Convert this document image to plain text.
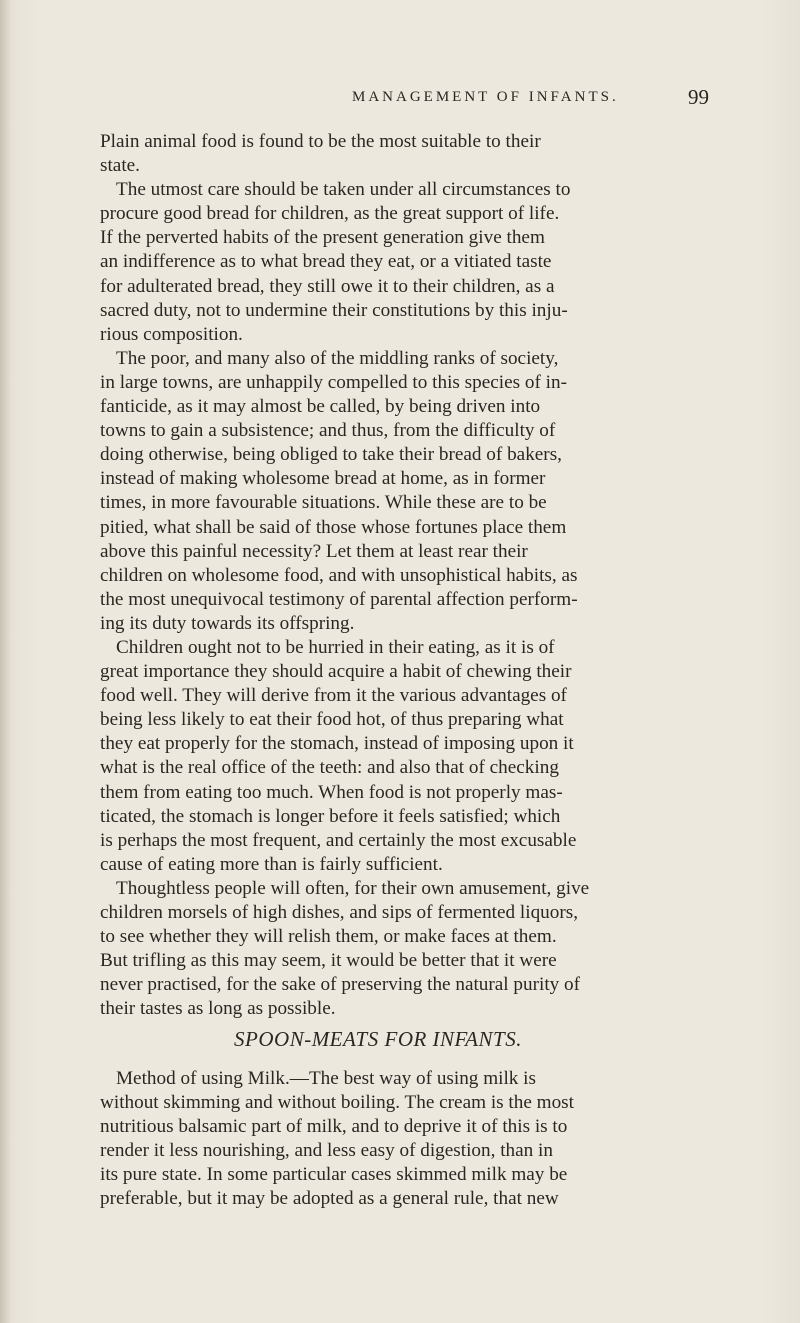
MANAGEMENT OF INFANTS.	99
Plain animal food is found to be the most suitable to their
state.
The utmost care should be taken under all circumstances to
procure good bread for children, as the great support of life.
If the perverted habits of the present generation give them
an indifference as to what bread they eat, or a vitiated taste
for adulterated bread, they still owe it to their children, as a
sacred duty, not to undermine their constitutions by this inju-
rious composition.
The poor, and many also of the middling ranks of society,
in large towns, are unhappily compelled to this species of in-
fanticide, as it may almost be called, by being driven into
towns to gain a subsistence; and thus, from the difficulty of
doing otherwise, being obliged to take their bread of bakers,
instead of making wholesome bread at home, as in former
times, in more favourable situations. While these are to be
pitied, what shall be said of those whose fortunes place them
above this painful necessity? Let them at least rear their
children on wholesome food, and with unsophistical habits, as
the most unequivocal testimony of parental affection perform-
ing its duty towards its offspring.
Children ought not to be hurried in their eating, as it is of
great importance they should acquire a habit of chewing their
food well. They will derive from it the various advantages of
being less likely to eat their food hot, of thus preparing what
they eat properly for the stomach, instead of imposing upon it
what is the real office of the teeth: and also that of checking
them from eating too much. When food is not properly mas-
ticated, the stomach is longer before it feels satisfied; which
is perhaps the most frequent, and certainly the most excusable
cause of eating more than is fairly sufficient.
Thoughtless people will often, for their own amusement, give
children morsels of high dishes, and sips of fermented liquors,
to see whether they will relish them, or make faces at them.
But trifling as this may seem, it would be better that it were
never practised, for the sake of preserving the natural purity of
their tastes as long as possible.
SPOON-MEATS FOR INFANTS.
Method of using Milk.—The best way of using milk is
without skimming and without boiling. The cream is the most
nutritious balsamic part of milk, and to deprive it of this is to
render it less nourishing, and less easy of digestion, than in
its pure state. In some particular cases skimmed milk may be
preferable, but it may be adopted as a general rule, that new
